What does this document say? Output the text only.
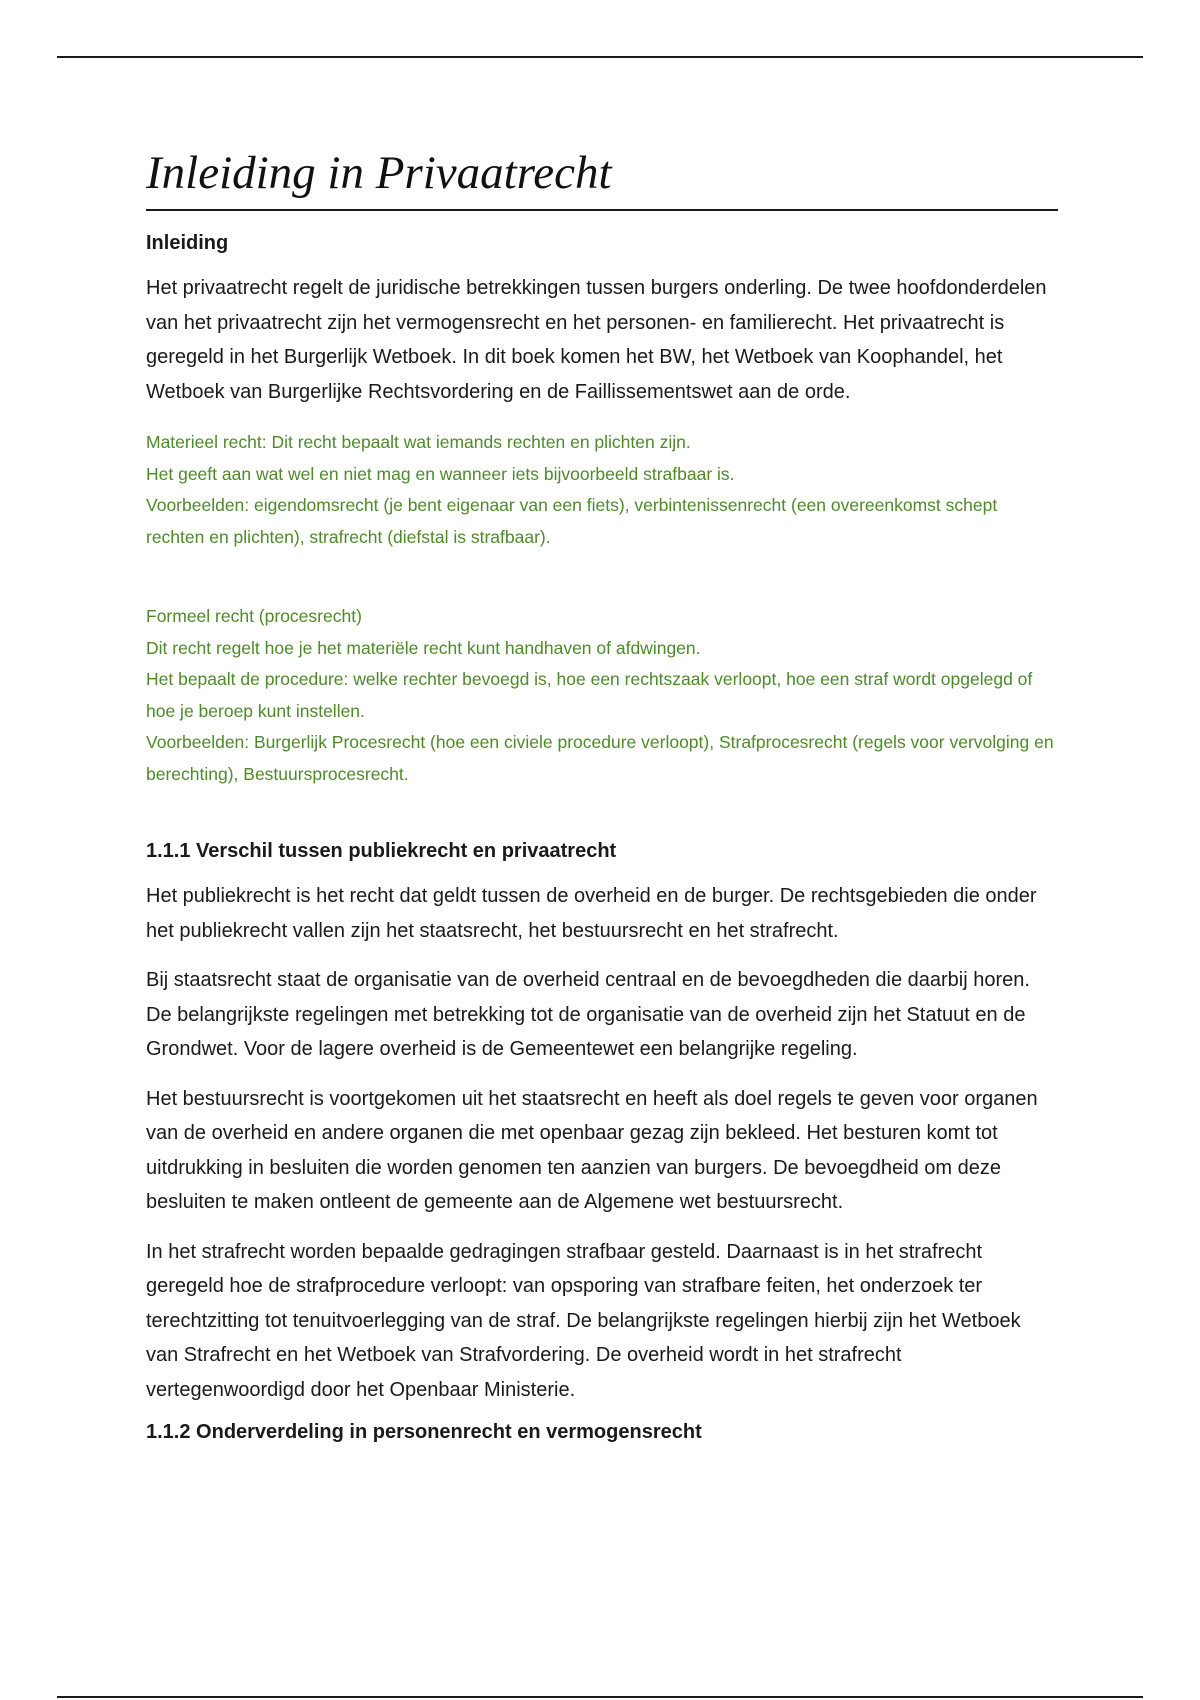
Inleiding in Privaatrecht
Inleiding

Het privaatrecht regelt de juridische betrekkingen tussen burgers onderling. De twee hoofdonderdelen van het privaatrecht zijn het vermogensrecht en het personen- en familierecht. Het privaatrecht is geregeld in het Burgerlijk Wetboek. In dit boek komen het BW, het Wetboek van Koophandel, het Wetboek van Burgerlijke Rechtsvordering en de Faillissementswet aan de orde.

Materieel recht: Dit recht bepaalt wat iemands rechten en plichten zijn.
Het geeft aan wat wel en niet mag en wanneer iets bijvoorbeeld strafbaar is.
Voorbeelden: eigendomsrecht (je bent eigenaar van een fiets), verbintenissenrecht (een overeenkomst schept rechten en plichten), strafrecht (diefstal is strafbaar).
Formeel recht (procesrecht)
Dit recht regelt hoe je het materiële recht kunt handhaven of afdwingen.
Het bepaalt de procedure: welke rechter bevoegd is, hoe een rechtszaak verloopt, hoe een straf wordt opgelegd of hoe je beroep kunt instellen.
Voorbeelden: Burgerlijk Procesrecht (hoe een civiele procedure verloopt), Strafprocesrecht (regels voor vervolging en berechting), Bestuursprocesrecht.
1.1.1 Verschil tussen publiekrecht en privaatrecht

Het publiekrecht is het recht dat geldt tussen de overheid en de burger. De rechtsgebieden die onder het publiekrecht vallen zijn het staatsrecht, het bestuursrecht en het strafrecht.

Bij staatsrecht staat de organisatie van de overheid centraal en de bevoegdheden die daarbij horen. De belangrijkste regelingen met betrekking tot de organisatie van de overheid zijn het Statuut en de Grondwet. Voor de lagere overheid is de Gemeentewet een belangrijke regeling.

Het bestuursrecht is voortgekomen uit het staatsrecht en heeft als doel regels te geven voor organen van de overheid en andere organen die met openbaar gezag zijn bekleed. Het besturen komt tot uitdrukking in besluiten die worden genomen ten aanzien van burgers. De bevoegdheid om deze besluiten te maken ontleent de gemeente aan de Algemene wet bestuursrecht.

In het strafrecht worden bepaalde gedragingen strafbaar gesteld. Daarnaast is in het strafrecht geregeld hoe de strafprocedure verloopt: van opsporing van strafbare feiten, het onderzoek ter terechtzitting tot tenuitvoerlegging van de straf. De belangrijkste regelingen hierbij zijn het Wetboek van Strafrecht en het Wetboek van Strafvordering. De overheid wordt in het strafrecht vertegenwoordigd door het Openbaar Ministerie.

1.1.2 Onderverdeling in personenrecht en vermogensrecht
